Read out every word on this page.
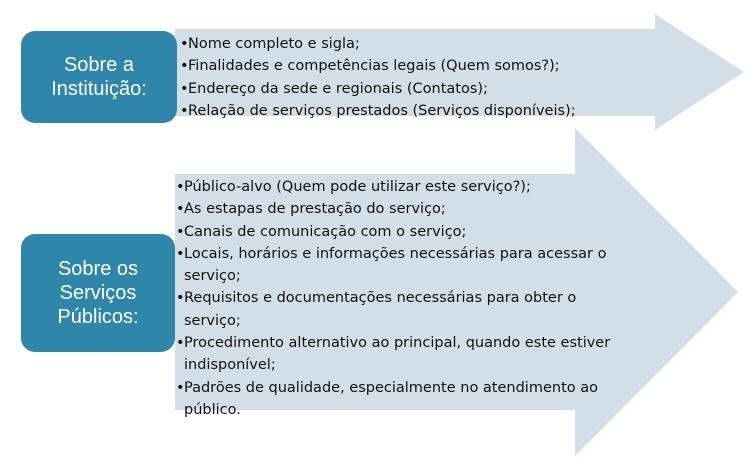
Sobre a
Instituição:
• Nome completo e sigla;
• Finalidades e competências legais (Quem somos?);
• Endereço da sede e regionais (Contatos);
• Relação de serviços prestados (Serviços disponíveis);
Sobre os
Serviços
Públicos:
• Público-alvo (Quem pode utilizar este serviço?);
• As estapas de prestação do serviço;
• Canais de comunicação com o serviço;
• Locais, horários e informações necessárias para acessar o serviço;
• Requisitos e documentações necessárias para obter o serviço;
• Procedimento alternativo ao principal, quando este estiver indisponível;
• Padrões de qualidade, especialmente no atendimento ao público.
